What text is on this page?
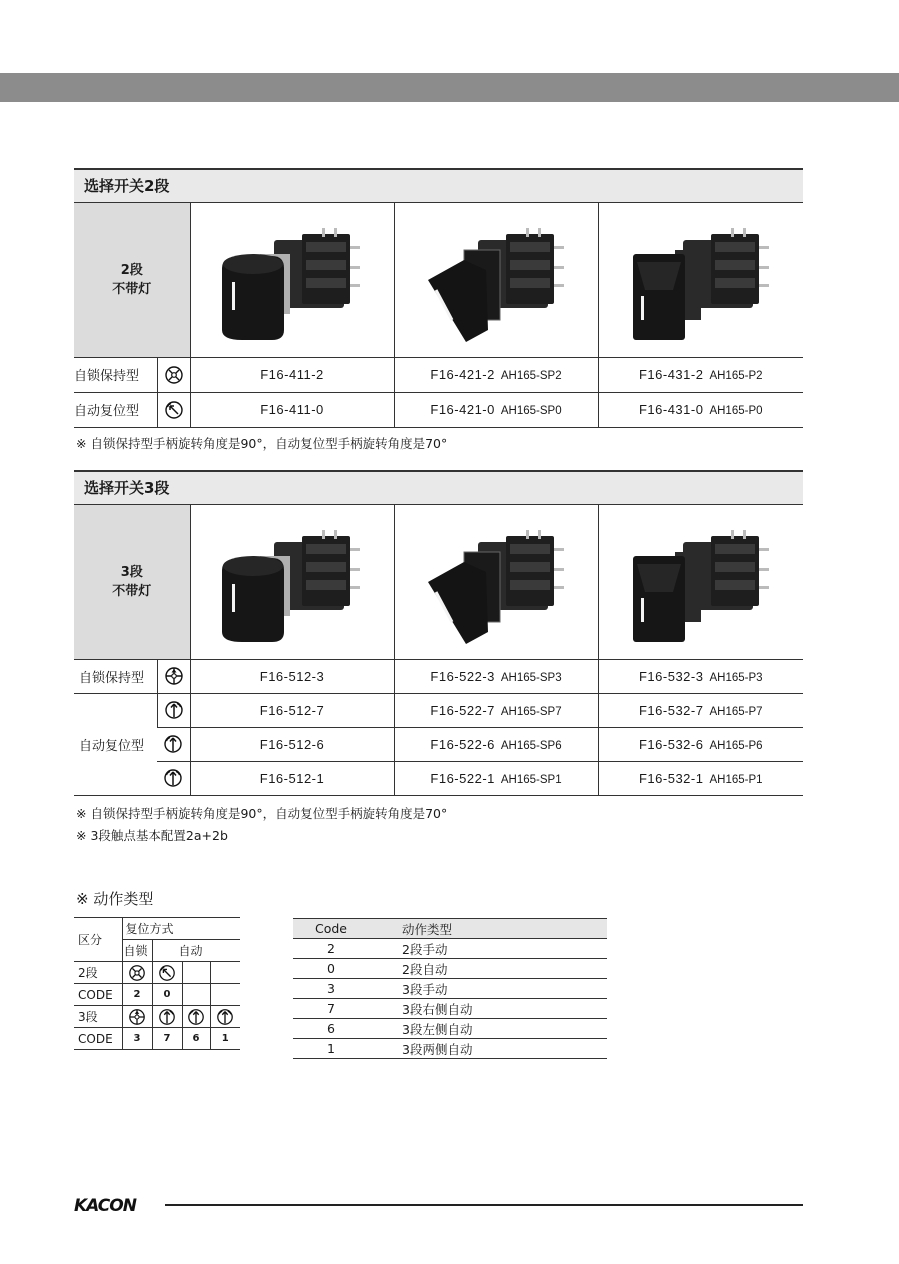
选择开关2段
2段
不带灯

自锁保持型	F16-411-2	F16-421-2 AH165-SP2	F16-431-2 AH165-P2

自动复位型	F16-411-0	F16-421-0 AH165-SP0	F16-431-0 AH165-P0
※ 自锁保持型手柄旋转角度是90°，自动复位型手柄旋转角度是70°
选择开关3段
3段
不带灯

自锁保持型		F16-512-3	F16-522-3 AH165-SP3	F16-532-3 AH165-P3
自动复位型		F16-512-7	F16-522-7 AH165-SP7	F16-532-7 AH165-P7

	F16-512-6	F16-522-6 AH165-SP6	F16-532-6 AH165-P6

	F16-512-1	F16-522-1 AH165-SP1	F16-532-1 AH165-P1
※ 自锁保持型手柄旋转角度是90°，自动复位型手柄旋转角度是70°
※ 3段触点基本配置2a+2b
※ 动作类型
区分	复位方式			
	自锁	自动		
2段	

CODE	2	0		
3段	

CODE	3	7	6	1
Code	动作类型
2	2段手动
0	2段自动
3	3段手动
7	3段右侧自动
6	3段左侧自动
1	3段两侧自动
KACON
